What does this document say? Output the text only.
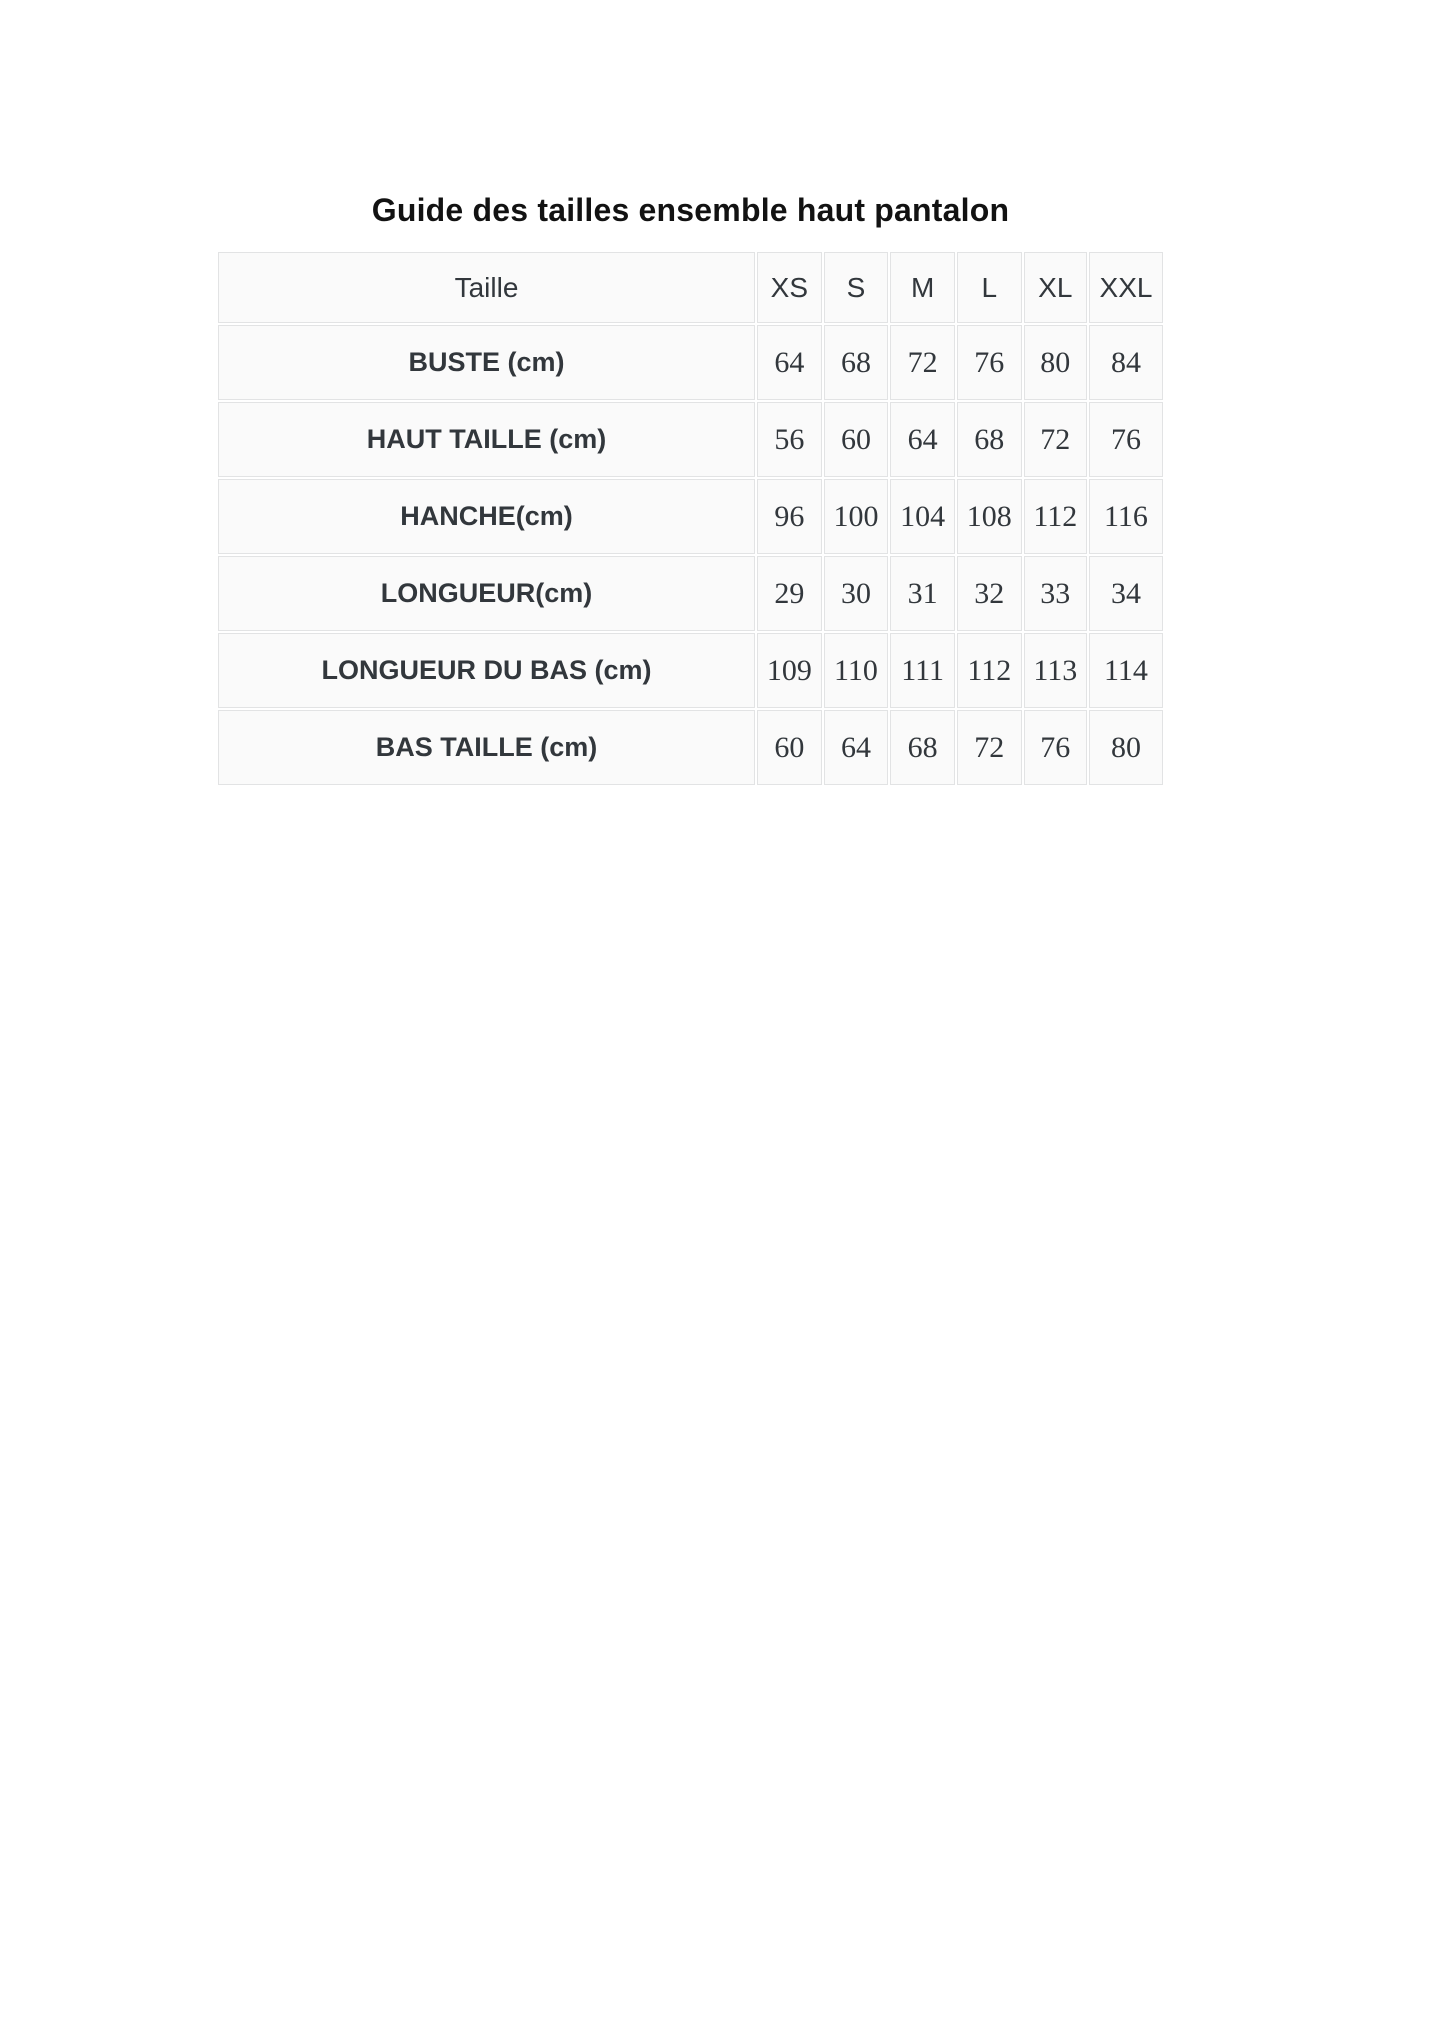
Guide des tailles ensemble haut pantalon
Taille	XS	S	M	L	XL	XXL
BUSTE (cm)	64	68	72	76	80	84
HAUT TAILLE (cm)	56	60	64	68	72	76
HANCHE(cm)	96	100	104	108	112	116
LONGUEUR(cm)	29	30	31	32	33	34
LONGUEUR DU BAS (cm)	109	110	111	112	113	114
BAS TAILLE (cm)	60	64	68	72	76	80
